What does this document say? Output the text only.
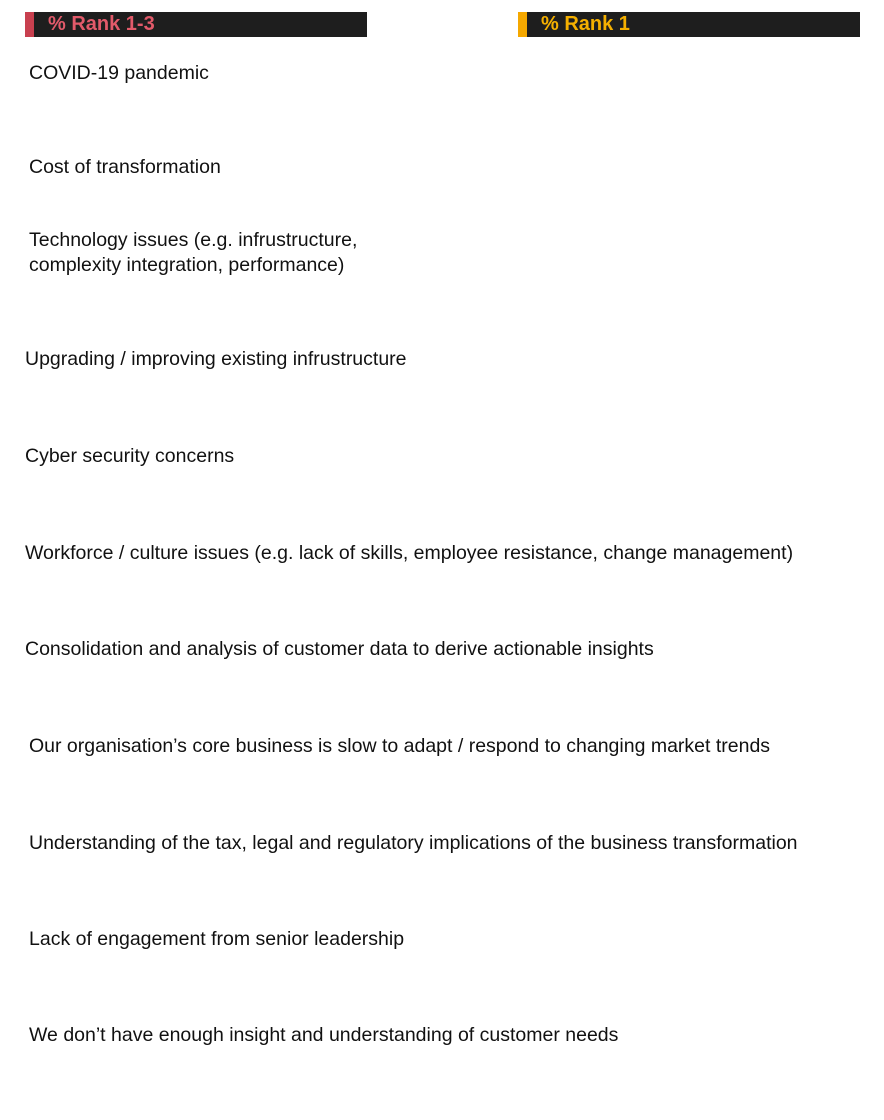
% Rank 1-3	% Rank 1
COVID-19 pandemic
Cost of transformation
Technology issues (e.g. infrustructure,
complexity integration, performance)
Upgrading / improving existing infrustructure
Cyber security concerns
Workforce / culture issues (e.g. lack of skills, employee resistance, change management)
Consolidation and analysis of customer data to derive actionable insights
Our organisation’s core business is slow to adapt / respond to changing market trends
Understanding of the tax, legal and regulatory implications of the business transformation
Lack of engagement from senior leadership
We don’t have enough insight and understanding of customer needs
